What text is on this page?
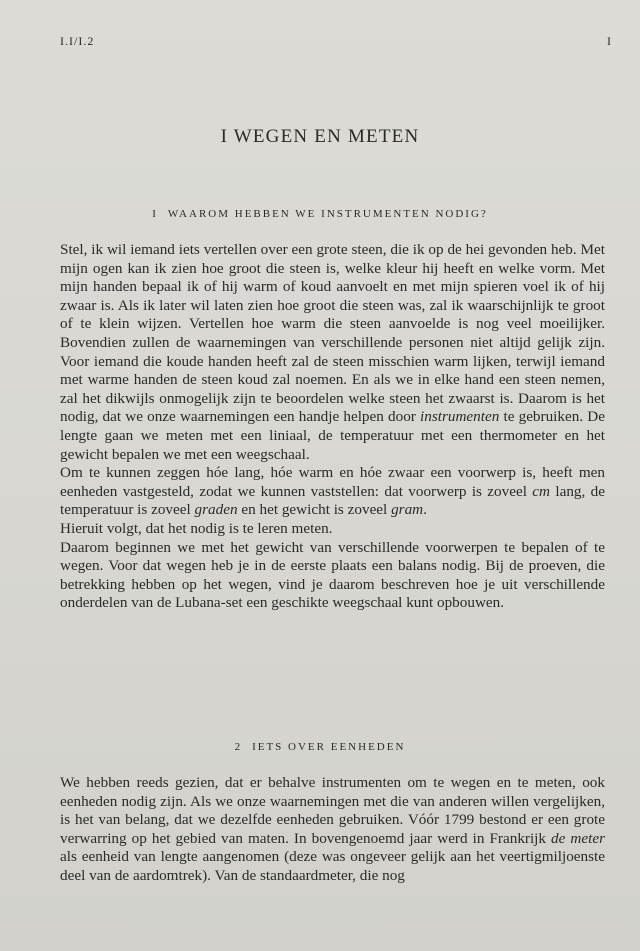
I.I/I.2	I
I WEGEN EN METEN
I WAAROM HEBBEN WE INSTRUMENTEN NODIG?

Stel, ik wil iemand iets vertellen over een grote steen, die ik op de hei gevonden heb. Met mijn ogen kan ik zien hoe groot die steen is, welke kleur hij heeft en welke vorm. Met mijn handen bepaal ik of hij warm of koud aanvoelt en met mijn spieren voel ik of hij zwaar is. Als ik later wil laten zien hoe groot die steen was, zal ik waarschijnlijk te groot of te klein wijzen. Vertellen hoe warm die steen aanvoelde is nog veel moeilijker. Bovendien zullen de waarnemingen van verschillende personen niet altijd gelijk zijn. Voor iemand die koude handen heeft zal de steen misschien warm lijken, terwijl iemand met warme handen de steen koud zal noemen. En als we in elke hand een steen nemen, zal het dikwijls onmogelijk zijn te beoordelen welke steen het zwaarst is. Daarom is het nodig, dat we onze waarnemingen een handje helpen door instrumenten te gebruiken. De lengte gaan we meten met een liniaal, de temperatuur met een thermometer en het gewicht bepalen we met een weegschaal.

Om te kunnen zeggen hóe lang, hóe warm en hóe zwaar een voorwerp is, heeft men eenheden vastgesteld, zodat we kunnen vaststellen: dat voorwerp is zoveel cm lang, de temperatuur is zoveel graden en het gewicht is zoveel gram.

Hieruit volgt, dat het nodig is te leren meten.

Daarom beginnen we met het gewicht van verschillende voorwerpen te bepalen of te wegen. Voor dat wegen heb je in de eerste plaats een balans nodig. Bij de proeven, die betrekking hebben op het wegen, vind je daarom beschreven hoe je uit verschillende onderdelen van de Lubana-set een geschikte weegschaal kunt opbouwen.

2 IETS OVER EENHEDEN

We hebben reeds gezien, dat er behalve instrumenten om te wegen en te meten, ook eenheden nodig zijn. Als we onze waarnemingen met die van anderen willen vergelijken, is het van belang, dat we dezelfde eenheden gebruiken. Vóór 1799 bestond er een grote verwarring op het gebied van maten. In bovengenoemd jaar werd in Frankrijk de meter als eenheid van lengte aangenomen (deze was ongeveer gelijk aan het veertigmiljoenste deel van de aardomtrek). Van de standaardmeter, die nog
